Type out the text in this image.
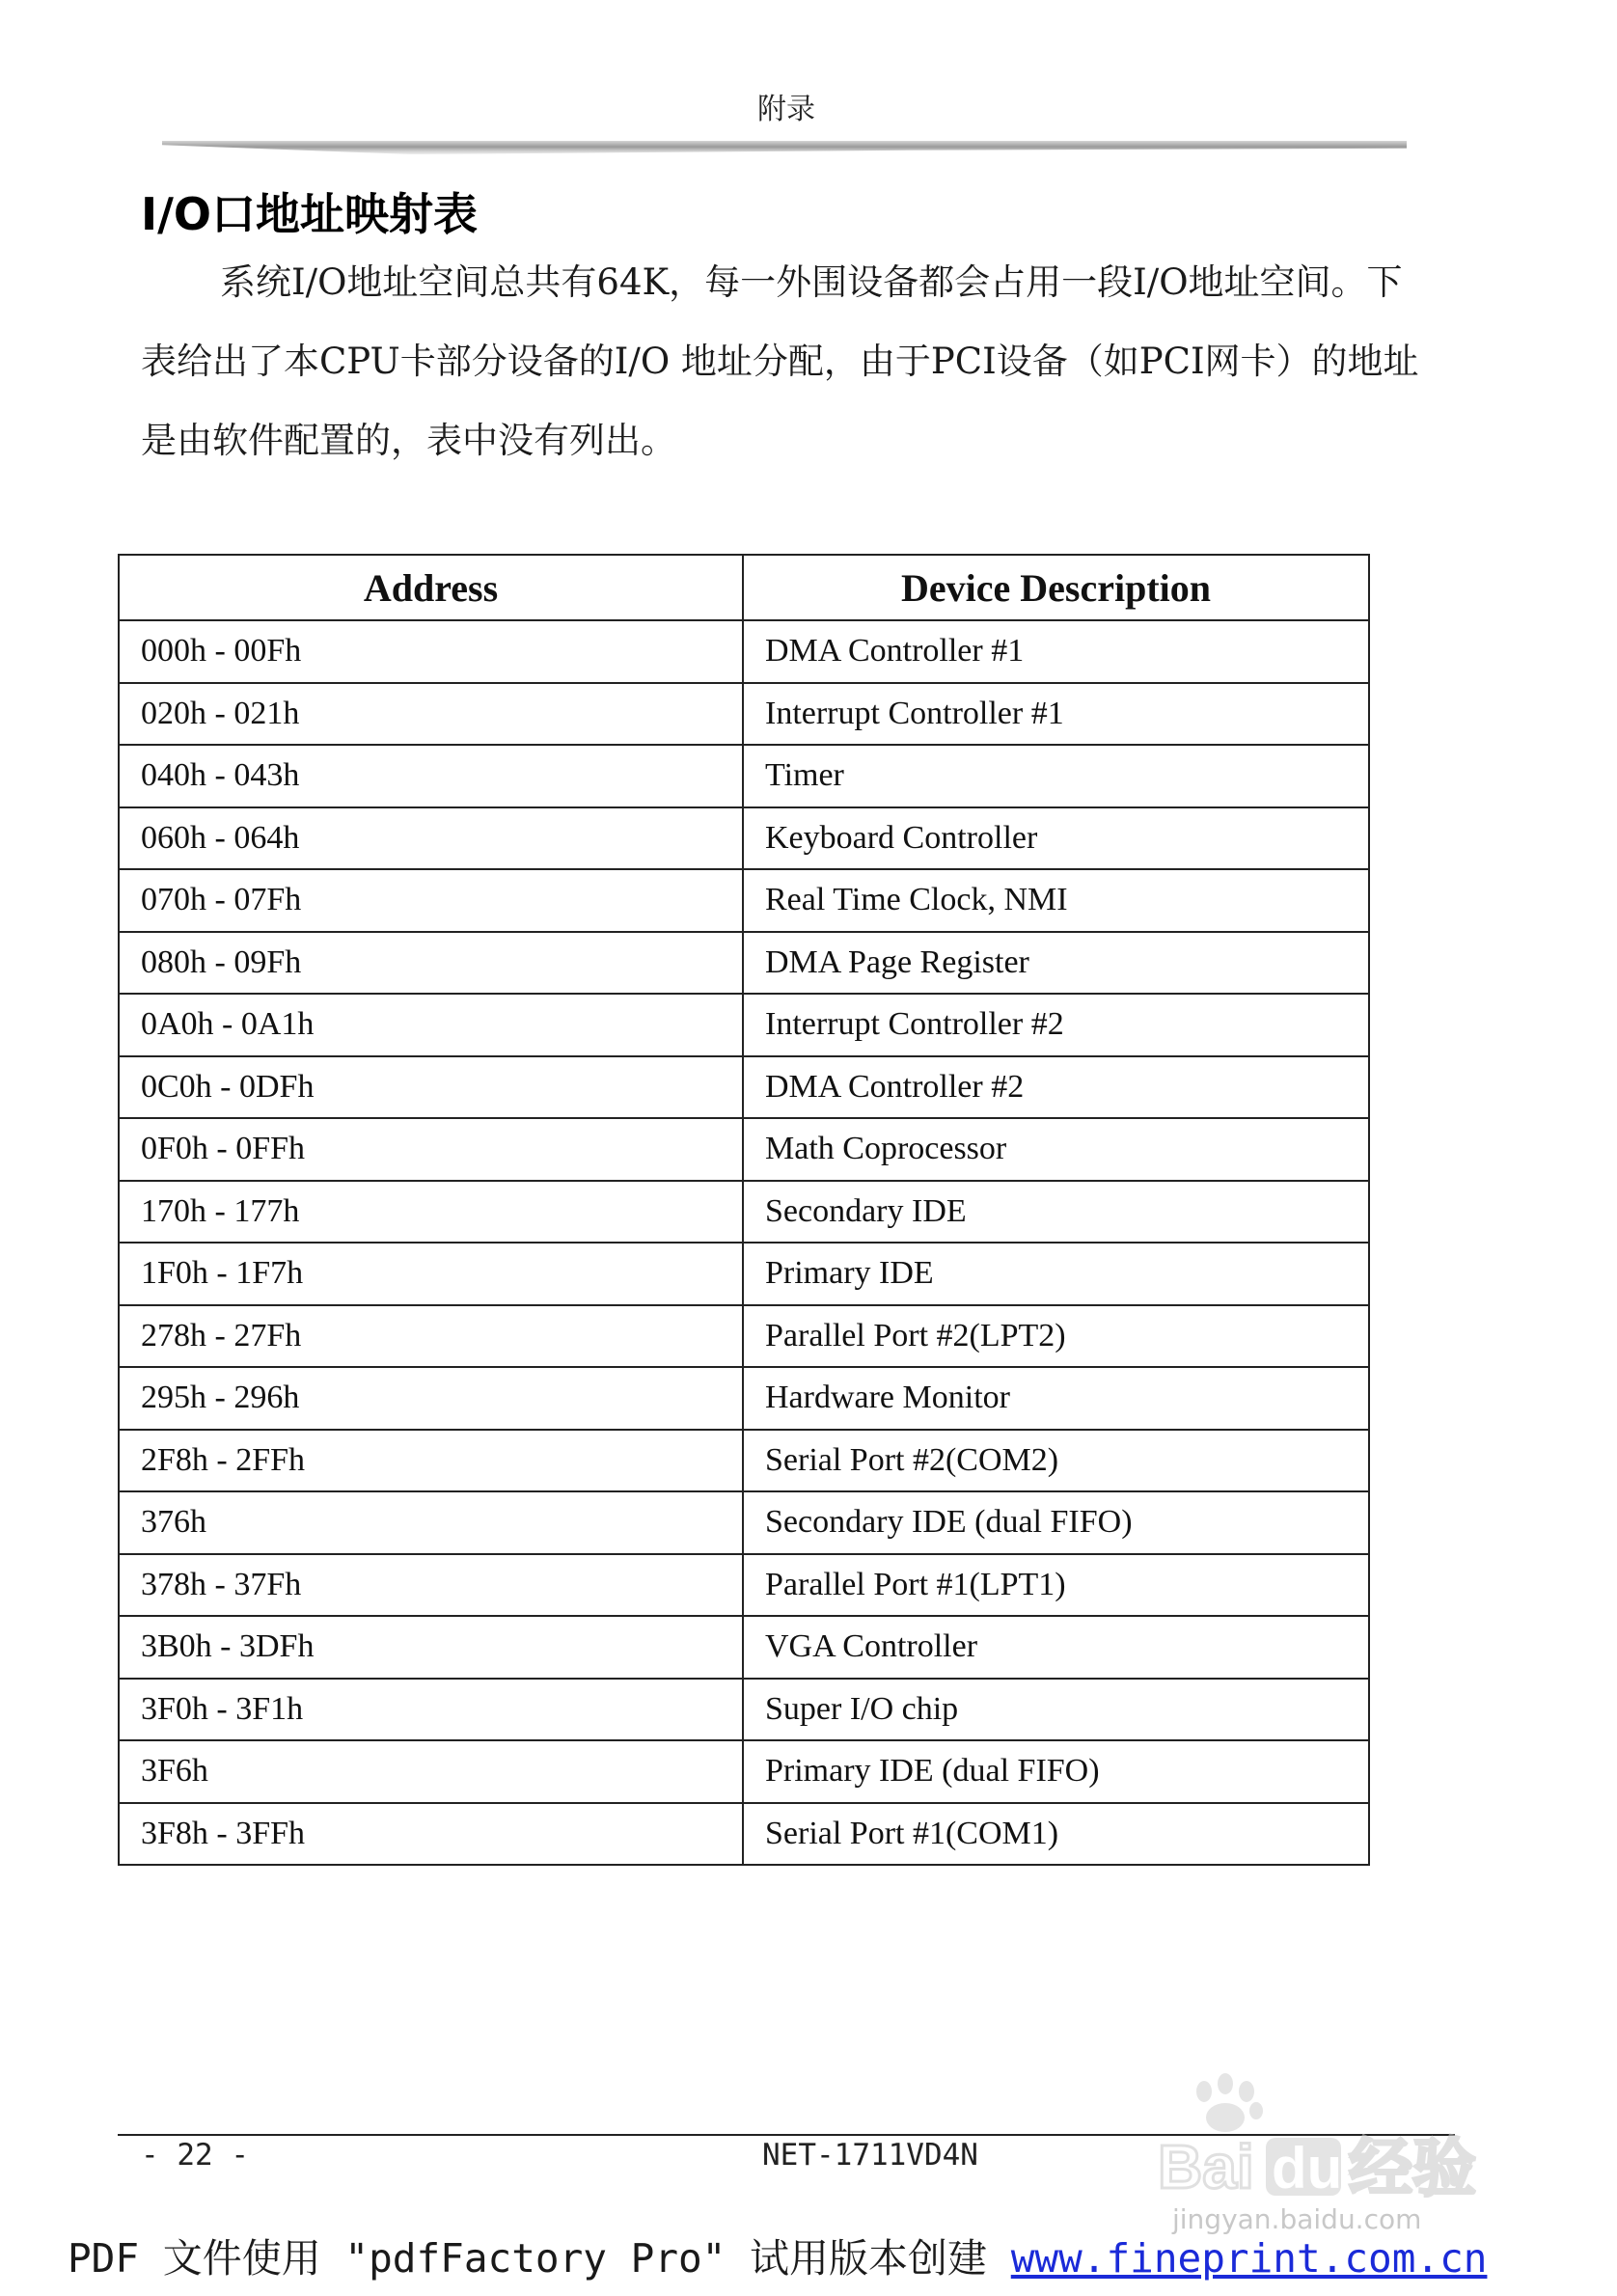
附录
I/O口地址映射表
系统I/O地址空间总共有64K，每一外围设备都会占用一段I/O地址空间。下表给出了本CPU卡部分设备的I/O 地址分配，由于PCI设备（如PCI网卡）的地址是由软件配置的，表中没有列出。
Address	Device Description
000h - 00Fh	DMA Controller #1
020h - 021h	Interrupt Controller #1
040h - 043h	Timer
060h - 064h	Keyboard Controller
070h - 07Fh	Real Time Clock, NMI
080h - 09Fh	DMA Page Register
0A0h - 0A1h	Interrupt Controller #2
0C0h - 0DFh	DMA Controller #2
0F0h - 0FFh	Math Coprocessor
170h - 177h	Secondary IDE
1F0h - 1F7h	Primary IDE
278h - 27Fh	Parallel Port #2(LPT2)
295h - 296h	Hardware Monitor
2F8h - 2FFh	Serial Port #2(COM2)
376h	Secondary IDE (dual FIFO)
378h - 37Fh	Parallel Port #1(LPT1)
3B0h - 3DFh	VGA Controller
3F0h - 3F1h	Super I/O chip
3F6h	Primary IDE (dual FIFO)
3F8h - 3FFh	Serial Port #1(COM1)
- 22 -	NET-1711VD4N	Bai du 经验
jingyan.baidu.com
PDF 文件使用 "pdfFactory Pro" 试用版本创建 www.fineprint.com.cn
